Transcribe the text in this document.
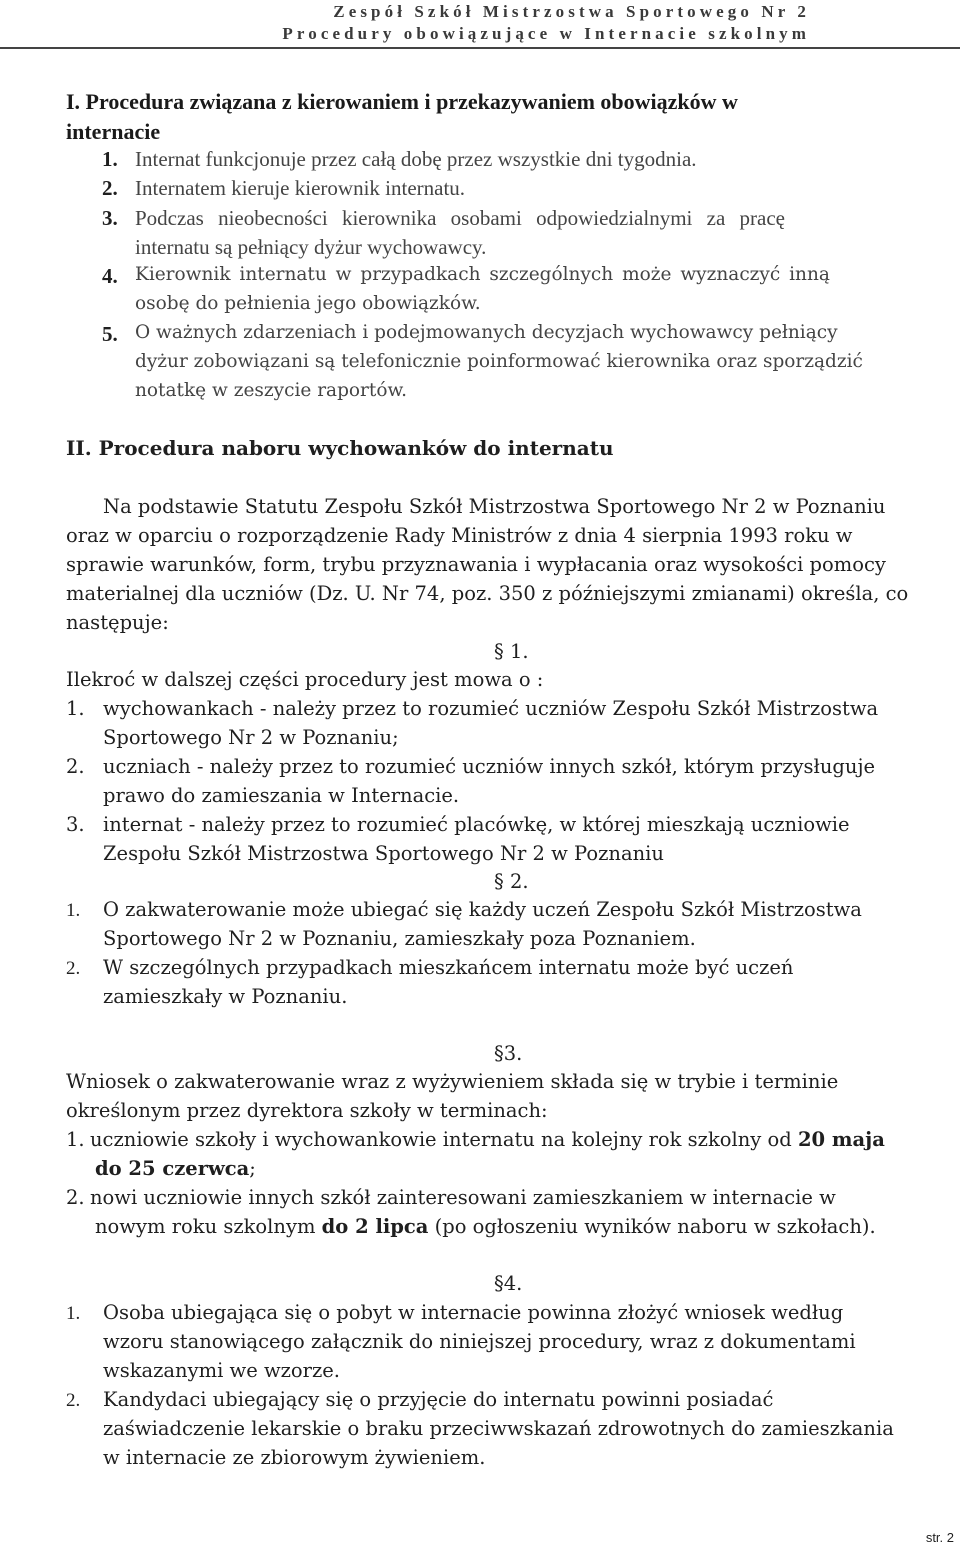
Zespół Szkół Mistrzostwa Sportowego Nr 2
Procedury obowiązujące w Internacie szkolnym
I. Procedura związana z kierowaniem i przekazywaniem obowiązków w
internacie
1. Internat funkcjonuje przez całą dobę przez wszystkie dni tygodnia.
2. Internatem kieruje kierownik internatu.
3. Podczas nieobecności kierownika osobami odpowiedzialnymi za pracę
internatu są pełniący dyżur wychowawcy.
4. Kierownik internatu w przypadkach szczególnych może wyznaczyć inną
osobę do pełnienia jego obowiązków.
5. O ważnych zdarzeniach i podejmowanych decyzjach wychowawcy pełniący
dyżur zobowiązani są telefonicznie poinformować kierownika oraz sporządzić
notatkę w zeszycie raportów.
II. Procedura naboru wychowanków do internatu
Na podstawie Statutu Zespołu Szkół Mistrzostwa Sportowego Nr 2 w Poznaniu
oraz w oparciu o rozporządzenie Rady Ministrów z dnia 4 sierpnia 1993 roku w
sprawie warunków, form, trybu przyznawania i wypłacania oraz wysokości pomocy
materialnej dla uczniów (Dz. U. Nr 74, poz. 350 z późniejszymi zmianami) określa, co
następuje:
§ 1.
Ilekroć w dalszej części procedury jest mowa o :
1. wychowankach - należy przez to rozumieć uczniów Zespołu Szkół Mistrzostwa
Sportowego Nr 2 w Poznaniu;
2. uczniach - należy przez to rozumieć uczniów innych szkół, którym przysługuje
prawo do zamieszania w Internacie.
3. internat - należy przez to rozumieć placówkę, w której mieszkają uczniowie
Zespołu Szkół Mistrzostwa Sportowego Nr 2 w Poznaniu
§ 2.
1. O zakwaterowanie może ubiegać się każdy uczeń Zespołu Szkół Mistrzostwa
Sportowego Nr 2 w Poznaniu, zamieszkały poza Poznaniem.
2. W szczególnych przypadkach mieszkańcem internatu może być uczeń
zamieszkały w Poznaniu.
§3.
Wniosek o zakwaterowanie wraz z wyżywieniem składa się w trybie i terminie
określonym przez dyrektora szkoły w terminach:
1. uczniowie szkoły i wychowankowie internatu na kolejny rok szkolny od 20 maja
do 25 czerwca;
2. nowi uczniowie innych szkół zainteresowani zamieszkaniem w internacie w
nowym roku szkolnym do 2 lipca (po ogłoszeniu wyników naboru w szkołach).
§4.
1. Osoba ubiegająca się o pobyt w internacie powinna złożyć wniosek według
wzoru stanowiącego załącznik do niniejszej procedury, wraz z dokumentami
wskazanymi we wzorze.
2. Kandydaci ubiegający się o przyjęcie do internatu powinni posiadać
zaświadczenie lekarskie o braku przeciwwskazań zdrowotnych do zamieszkania
w internacie ze zbiorowym żywieniem.
str. 2
